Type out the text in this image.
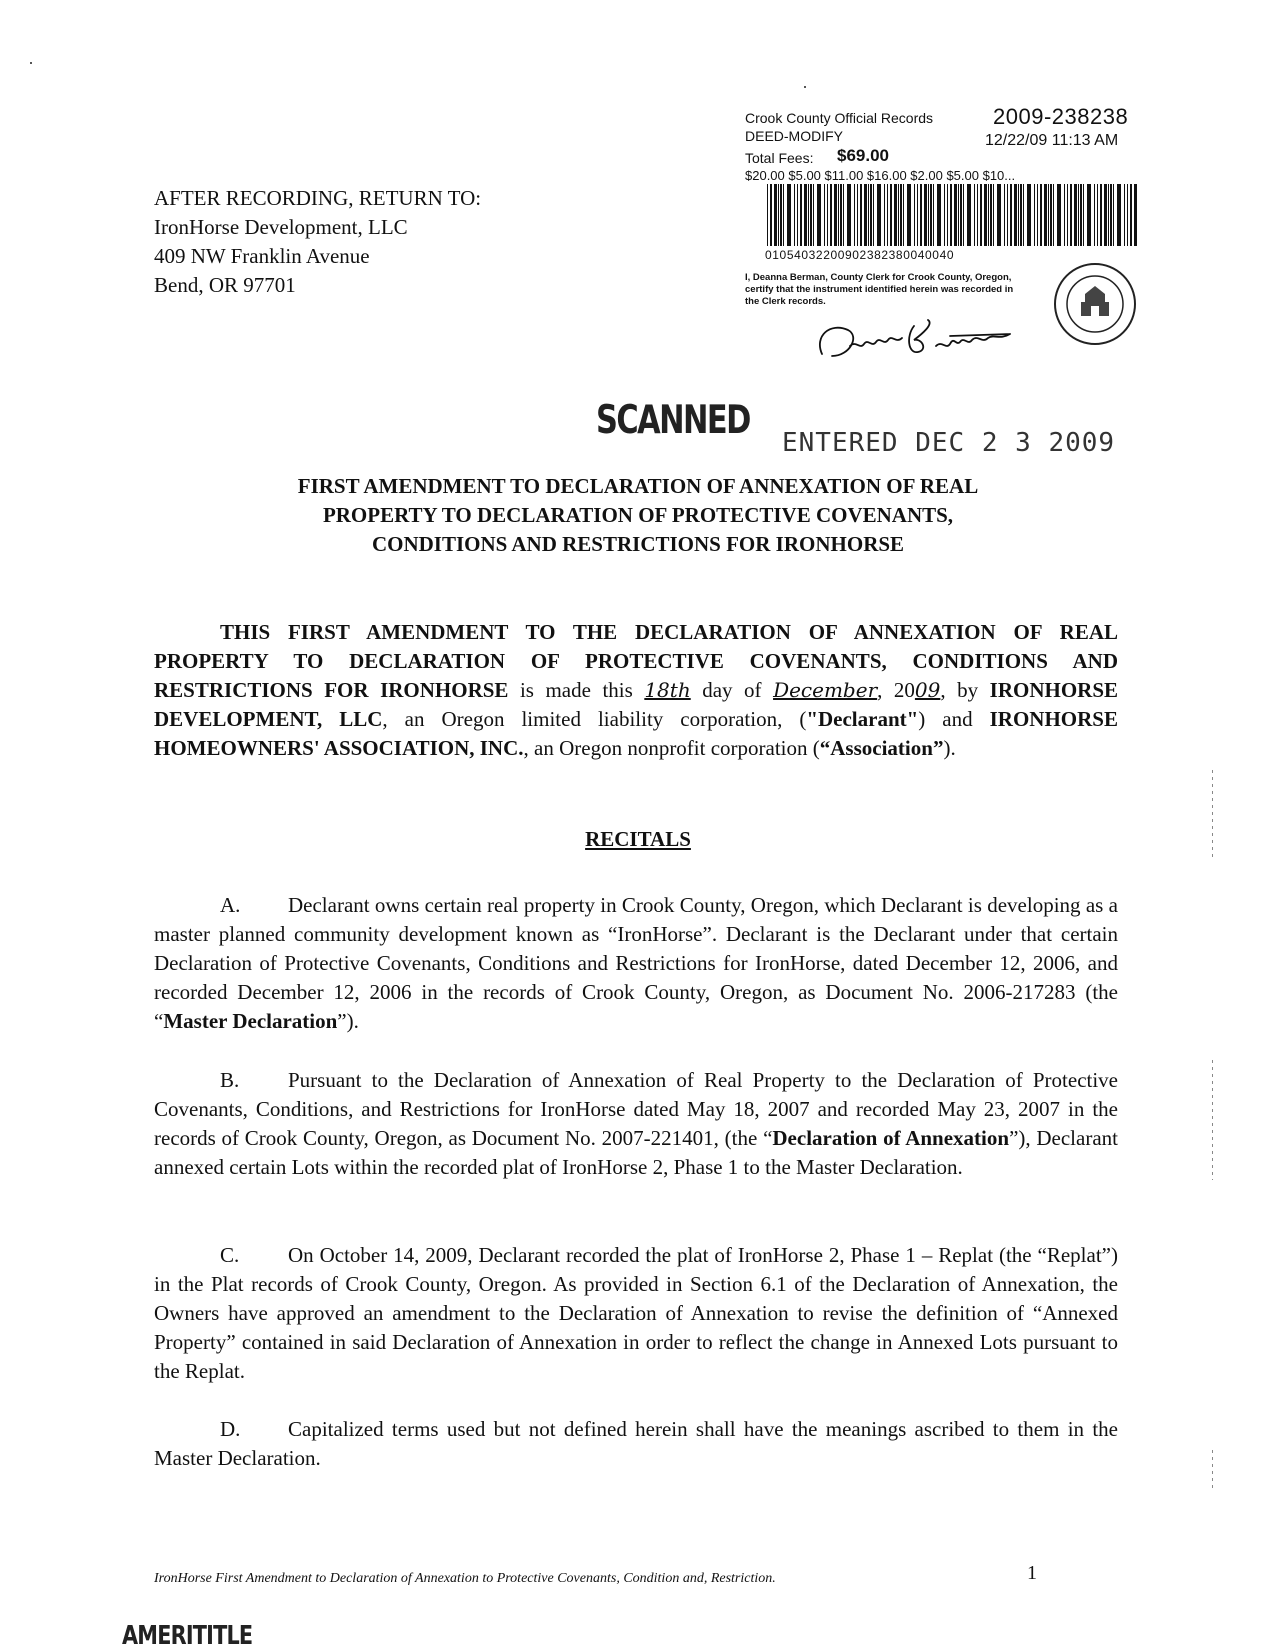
AFTER RECORDING, RETURN TO:
IronHorse Development, LLC
409 NW Franklin Avenue
Bend, OR 97701
Crook County Official Records	2009-238238
DEED-MODIFY	12/22/09 11:13 AM
Total Fees: $69.00
$20.00 $5.00 $11.00 $16.00 $2.00 $5.00 $10...
01054032200902382380040040
I, Deanna Berman, County Clerk for Crook County, Oregon, certify that the instrument identified herein was recorded in the Clerk records.
SCANNED ENTERED DEC 2 3 2009
FIRST AMENDMENT TO DECLARATION OF ANNEXATION OF REAL
PROPERTY TO DECLARATION OF PROTECTIVE COVENANTS,
CONDITIONS AND RESTRICTIONS FOR IRONHORSE
THIS FIRST AMENDMENT TO THE DECLARATION OF ANNEXATION OF REAL PROPERTY TO DECLARATION OF PROTECTIVE COVENANTS, CONDITIONS AND RESTRICTIONS FOR IRONHORSE is made this 18th day of December, 2009, by IRONHORSE DEVELOPMENT, LLC, an Oregon limited liability corporation, ("Declarant") and IRONHORSE HOMEOWNERS' ASSOCIATION, INC., an Oregon nonprofit corporation (“Association”).
RECITALS
A. Declarant owns certain real property in Crook County, Oregon, which Declarant is developing as a master planned community development known as “IronHorse”. Declarant is the Declarant under that certain Declaration of Protective Covenants, Conditions and Restrictions for IronHorse, dated December 12, 2006, and recorded December 12, 2006 in the records of Crook County, Oregon, as Document No. 2006-217283 (the “Master Declaration”).
B. Pursuant to the Declaration of Annexation of Real Property to the Declaration of Protective Covenants, Conditions, and Restrictions for IronHorse dated May 18, 2007 and recorded May 23, 2007 in the records of Crook County, Oregon, as Document No. 2007-221401, (the “Declaration of Annexation”), Declarant annexed certain Lots within the recorded plat of IronHorse 2, Phase 1 to the Master Declaration.
C. On October 14, 2009, Declarant recorded the plat of IronHorse 2, Phase 1 – Replat (the “Replat”) in the Plat records of Crook County, Oregon. As provided in Section 6.1 of the Declaration of Annexation, the Owners have approved an amendment to the Declaration of Annexation to revise the definition of “Annexed Property” contained in said Declaration of Annexation in order to reflect the change in Annexed Lots pursuant to the Replat.
D. Capitalized terms used but not defined herein shall have the meanings ascribed to them in the Master Declaration.
IronHorse First Amendment to Declaration of Annexation to Protective Covenants, Condition and, Restriction.	1
AMERITITLE
